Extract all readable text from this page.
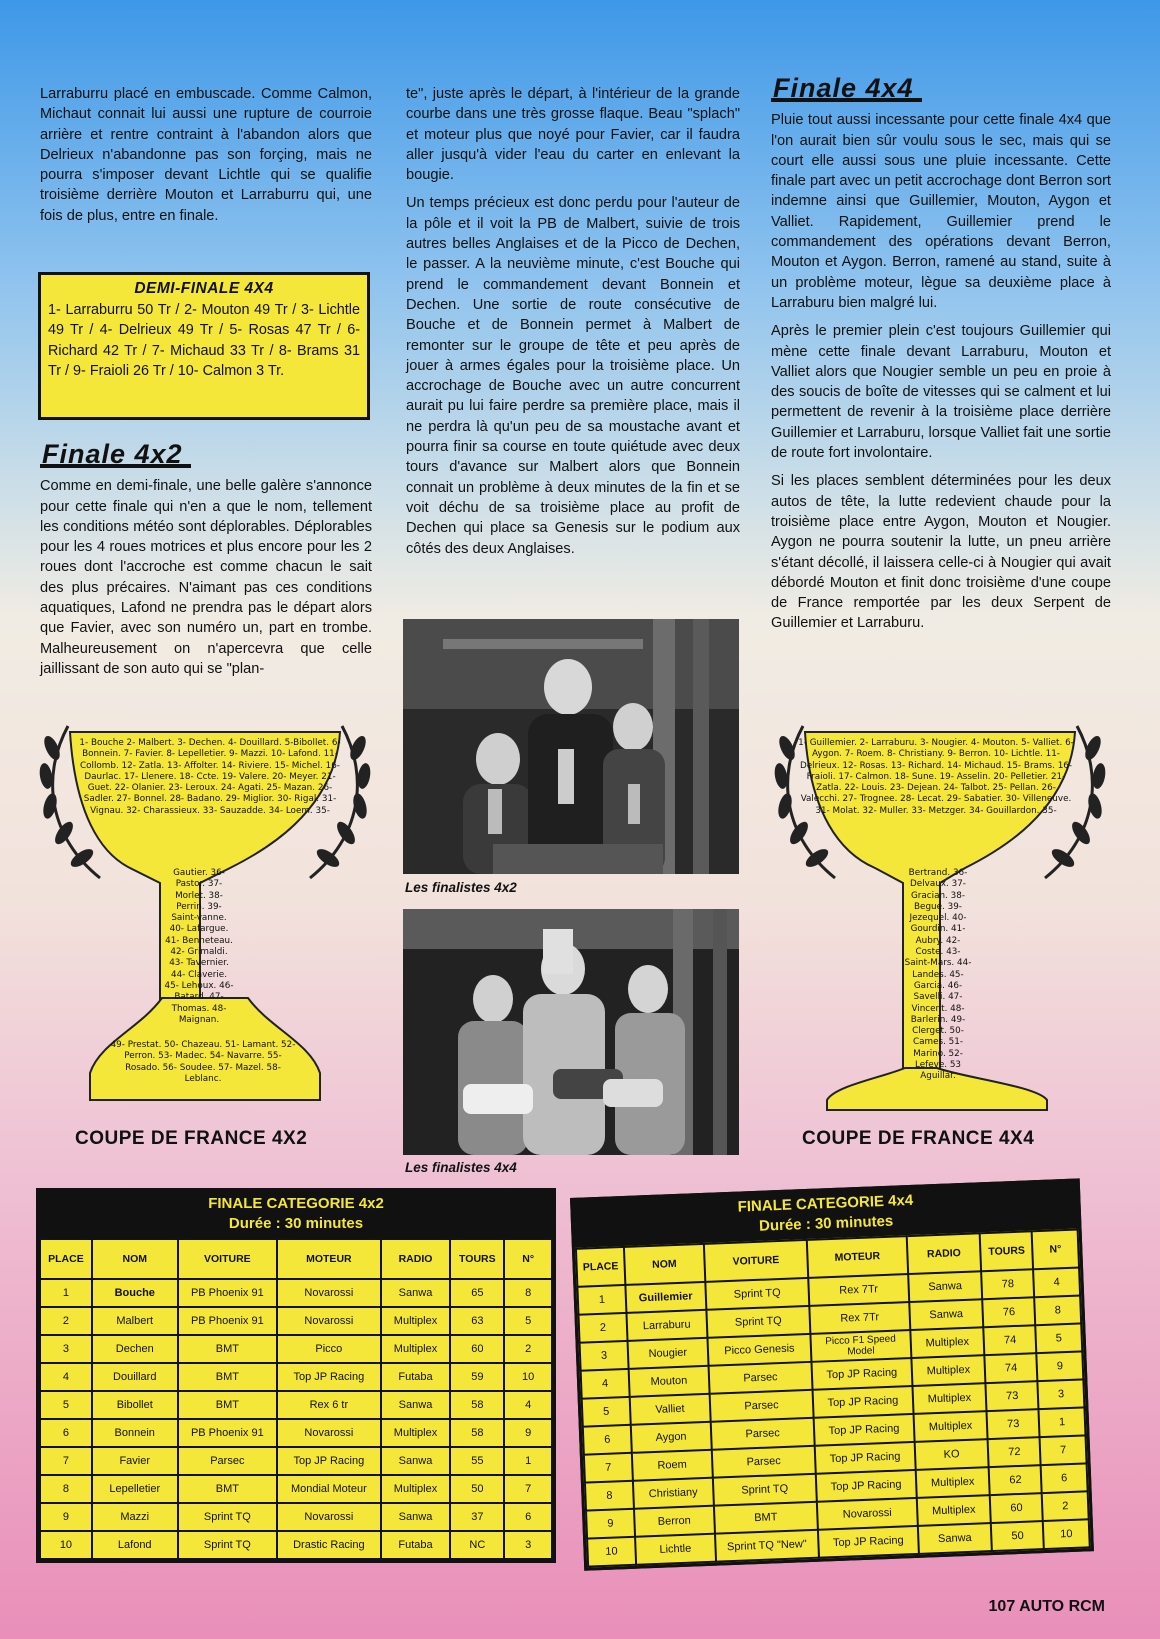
Larraburru placé en embuscade. Comme Calmon, Michaut connait lui aussi une rupture de courroie arrière et rentre contraint à l'abandon alors que Delrieux n'abandonne pas son forçing, mais ne pourra s'imposer devant Lichtle qui se qualifie troisième derrière Mouton et Larraburru qui, une fois de plus, entre en finale.

DEMI-FINALE 4X4
1- Larraburru 50 Tr / 2- Mouton 49 Tr / 3- Lichtle 49 Tr / 4- Delrieux 49 Tr / 5- Rosas 47 Tr / 6- Richard 42 Tr / 7- Michaud 33 Tr / 8- Brams 31 Tr / 9- Fraioli 26 Tr / 10- Calmon 3 Tr.
Finale 4x2

Comme en demi-finale, une belle galère s'annonce pour cette finale qui n'en a que le nom, tellement les conditions météo sont déplorables. Déplorables pour les 4 roues motrices et plus encore pour les 2 roues dont l'accroche est comme chacun le sait des plus précaires. N'aimant pas ces conditions aquatiques, Lafond ne prendra pas le départ alors que Favier, avec son numéro un, part en trombe. Malheureusement on n'apercevra que celle jaillissant de son auto qui se "plan-

te", juste après le départ, à l'intérieur de la grande courbe dans une très grosse flaque. Beau "splach" et moteur plus que noyé pour Favier, car il faudra aller jusqu'à vider l'eau du carter en enlevant la bougie.

Un temps précieux est donc perdu pour l'auteur de la pôle et il voit la PB de Malbert, suivie de trois autres belles Anglaises et de la Picco de Dechen, le passer. A la neuvième minute, c'est Bouche qui prend le commandement devant Bonnein et Dechen. Une sortie de route consécutive de Bouche et de Bonnein permet à Malbert de remonter sur le groupe de tête et peu après de jouer à armes égales pour la troisième place. Un accrochage de Bouche avec un autre concurrent aurait pu lui faire perdre sa première place, mais il ne perdra là qu'un peu de sa moustache avant et pourra finir sa course en toute quiétude avec deux tours d'avance sur Malbert alors que Bonnein connait un problème à deux minutes de la fin et se voit déchu de sa troisième place au profit de Dechen qui place sa Genesis sur le podium aux côtés des deux Anglaises.

Les finalistes 4x2
Les finalistes 4x4
Finale 4x4

Pluie tout aussi incessante pour cette finale 4x4 que l'on aurait bien sûr voulu sous le sec, mais qui se court elle aussi sous une pluie incessante. Cette finale part avec un petit accrochage dont Berron sort indemne ainsi que Guillemier, Mouton, Aygon et Valliet. Rapidement, Guillemier prend le commandement des opérations devant Berron, Mouton et Aygon. Berron, ramené au stand, suite à un problème moteur, lègue sa deuxième place à Larraburu bien malgré lui.

Après le premier plein c'est toujours Guillemier qui mène cette finale devant Larraburu, Mouton et Valliet alors que Nougier semble un peu en proie à des soucis de boîte de vitesses qui se calment et lui permettent de revenir à la troisième place derrière Guillemier et Larraburu, lorsque Valliet fait une sortie de route fort involontaire.

Si les places semblent déterminées pour les deux autos de tête, la lutte redevient chaude pour la troisième place entre Aygon, Mouton et Nougier. Aygon ne pourra soutenir la lutte, un pneu arrière s'étant décollé, il laissera celle-ci à Nougier qui avait débordé Mouton et finit donc troisième d'une coupe de France remportée par les deux Serpent de Guillemier et Larraburu.

1- Bouche 2- Malbert. 3- Dechen. 4- Douillard. 5-Bibollet. 6- Bonnein. 7- Favier. 8- Lepelletier. 9- Mazzi. 10- Lafond. 11- Collomb. 12- Zatla. 13- Affolter. 14- Riviere. 15- Michel. 16- Daurlac. 17- Llenere. 18- Ccte. 19- Valere. 20- Meyer. 21- Guet. 22- Olanier. 23- Leroux. 24- Agati. 25- Mazan. 26- Sadler. 27- Bonnel. 28- Badano. 29- Miglior. 30- Rigal. 31- Vignau. 32- Charassieux. 33- Sauzadde. 34- Loem. 35-
Gautier. 36- Pastor. 37- Morlet. 38- Perrin. 39- Saint-vanne. 40- Lafargue. 41- Benneteau. 42- Grimaldi. 43- Tavernier. 44- Claverie. 45- Lehoux. 46- Batard. 47- Thomas. 48- Maignan.
49- Prestat. 50- Chazeau. 51- Lamant. 52- Perron. 53- Madec. 54- Navarre. 55- Rosado. 56- Soudee. 57- Mazel. 58- Leblanc.
COUPE DE FRANCE 4X2
1- Guillemier. 2- Larraburu. 3- Nougier. 4- Mouton. 5- Valliet. 6- Aygon. 7- Roem. 8- Christiany. 9- Berron. 10- Lichtle. 11- Delrieux. 12- Rosas. 13- Richard. 14- Michaud. 15- Brams. 16- Fraioli. 17- Calmon. 18- Sune. 19- Asselin. 20- Pelletier. 21- Zatla. 22- Louis. 23- Dejean. 24- Talbot. 25- Pellan. 26- Valecchi. 27- Trognee. 28- Lecat. 29- Sabatier. 30- Villeneuve. 31- Molat. 32- Muller. 33- Metzger. 34- Gouillardon. 35-
Bertrand. 36- Delvaux. 37- Gracian. 38- Begue. 39- Jezequel. 40- Gourdin. 41- Aubry. 42- Coste. 43- Saint-Mars. 44- Landes. 45- Garcia. 46- Savelli. 47- Vincent. 48- Barlerin. 49- Clerget. 50- Cames. 51- Marino. 52- Lefeve. 53 Aguillar.
COUPE DE FRANCE 4X4
FINALE CATEGORIE 4x2
Durée : 30 minutes
PLACE	NOM	VOITURE	MOTEUR	RADIO	TOURS	N°
1	Bouche	PB Phoenix 91	Novarossi	Sanwa	65	8
2	Malbert	PB Phoenix 91	Novarossi	Multiplex	63	5
3	Dechen	BMT	Picco	Multiplex	60	2
4	Douillard	BMT	Top JP Racing	Futaba	59	10
5	Bibollet	BMT	Rex 6 tr	Sanwa	58	4
6	Bonnein	PB Phoenix 91	Novarossi	Multiplex	58	9
7	Favier	Parsec	Top JP Racing	Sanwa	55	1
8	Lepelletier	BMT	Mondial Moteur	Multiplex	50	7
9	Mazzi	Sprint TQ	Novarossi	Sanwa	37	6
10	Lafond	Sprint TQ	Drastic Racing	Futaba	NC	3
FINALE CATEGORIE 4x4
Durée : 30 minutes
PLACE	NOM	VOITURE	MOTEUR	RADIO	TOURS	N°
1	Guillemier	Sprint TQ	Rex 7Tr	Sanwa	78	4
2	Larraburu	Sprint TQ	Rex 7Tr	Sanwa	76	8
3	Nougier	Picco Genesis	Picco F1 Speed Model	Multiplex	74	5
4	Mouton	Parsec	Top JP Racing	Multiplex	74	9
5	Valliet	Parsec	Top JP Racing	Multiplex	73	3
6	Aygon	Parsec	Top JP Racing	Multiplex	73	1
7	Roem	Parsec	Top JP Racing	KO	72	7
8	Christiany	Sprint TQ	Top JP Racing	Multiplex	62	6
9	Berron	BMT	Novarossi	Multiplex	60	2
10	Lichtle	Sprint TQ "New"	Top JP Racing	Sanwa	50	10
107 AUTO RCM
